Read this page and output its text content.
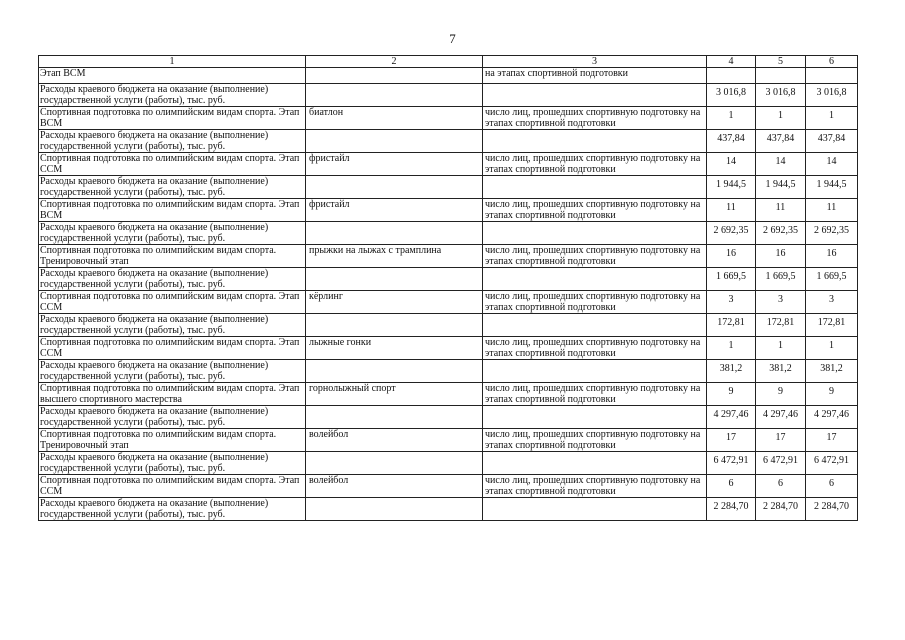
7
1	2	3	4	5	6
Этап ВСМ		на этапах спортивной подготовки			
Расходы краевого бюджета на оказание (выполнение) государственной услуги (работы), тыс. руб.			3 016,8	3 016,8	3 016,8

Спортивная подготовка по олимпийским видам спорта. Этап ВСМ	биатлон	число лиц, прошедших спортивную подготовку на этапах спортивной подготовки	1	1	1

Расходы краевого бюджета на оказание (выполнение) государственной услуги (работы), тыс. руб.			437,84	437,84	437,84

Спортивная подготовка по олимпийским видам спорта. Этап ССМ	фристайл	число лиц, прошедших спортивную подготовку на этапах спортивной подготовки	14	14	14

Расходы краевого бюджета на оказание (выполнение) государственной услуги (работы), тыс. руб.			1 944,5	1 944,5	1 944,5

Спортивная подготовка по олимпийским видам спорта. Этап ВСМ	фристайл	число лиц, прошедших спортивную подготовку на этапах спортивной подготовки	11	11	11

Расходы краевого бюджета на оказание (выполнение) государственной услуги (работы), тыс. руб.			2 692,35	2 692,35	2 692,35

Спортивная подготовка по олимпийским видам спорта. Тренировочный этап	прыжки на лыжах с трамплина	число лиц, прошедших спортивную подготовку на этапах спортивной подготовки	16	16	16

Расходы краевого бюджета на оказание (выполнение) государственной услуги (работы), тыс. руб.			1 669,5	1 669,5	1 669,5

Спортивная подготовка по олимпийским видам спорта. Этап ССМ	кёрлинг	число лиц, прошедших спортивную подготовку на этапах спортивной подготовки	3	3	3

Расходы краевого бюджета на оказание (выполнение) государственной услуги (работы), тыс. руб.			172,81	172,81	172,81

Спортивная подготовка по олимпийским видам спорта. Этап ССМ	лыжные гонки	число лиц, прошедших спортивную подготовку на этапах спортивной подготовки	1	1	1

Расходы краевого бюджета на оказание (выполнение) государственной услуги (работы), тыс. руб.			381,2	381,2	381,2

Спортивная подготовка по олимпийским видам спорта. Этап высшего спортивного мастерства	горнолыжный спорт	число лиц, прошедших спортивную подготовку на этапах спортивной подготовки	9	9	9

Расходы краевого бюджета на оказание (выполнение) государственной услуги (работы), тыс. руб.			4 297,46	4 297,46	4 297,46

Спортивная подготовка по олимпийским видам спорта. Тренировочный этап	волейбол	число лиц, прошедших спортивную подготовку на этапах спортивной подготовки	17	17	17

Расходы краевого бюджета на оказание (выполнение) государственной услуги (работы), тыс. руб.			6 472,91	6 472,91	6 472,91

Спортивная подготовка по олимпийским видам спорта. Этап ССМ	волейбол	число лиц, прошедших спортивную подготовку на этапах спортивной подготовки	6	6	6

Расходы краевого бюджета на оказание (выполнение) государственной услуги (работы), тыс. руб.			2 284,70	2 284,70	2 284,70
